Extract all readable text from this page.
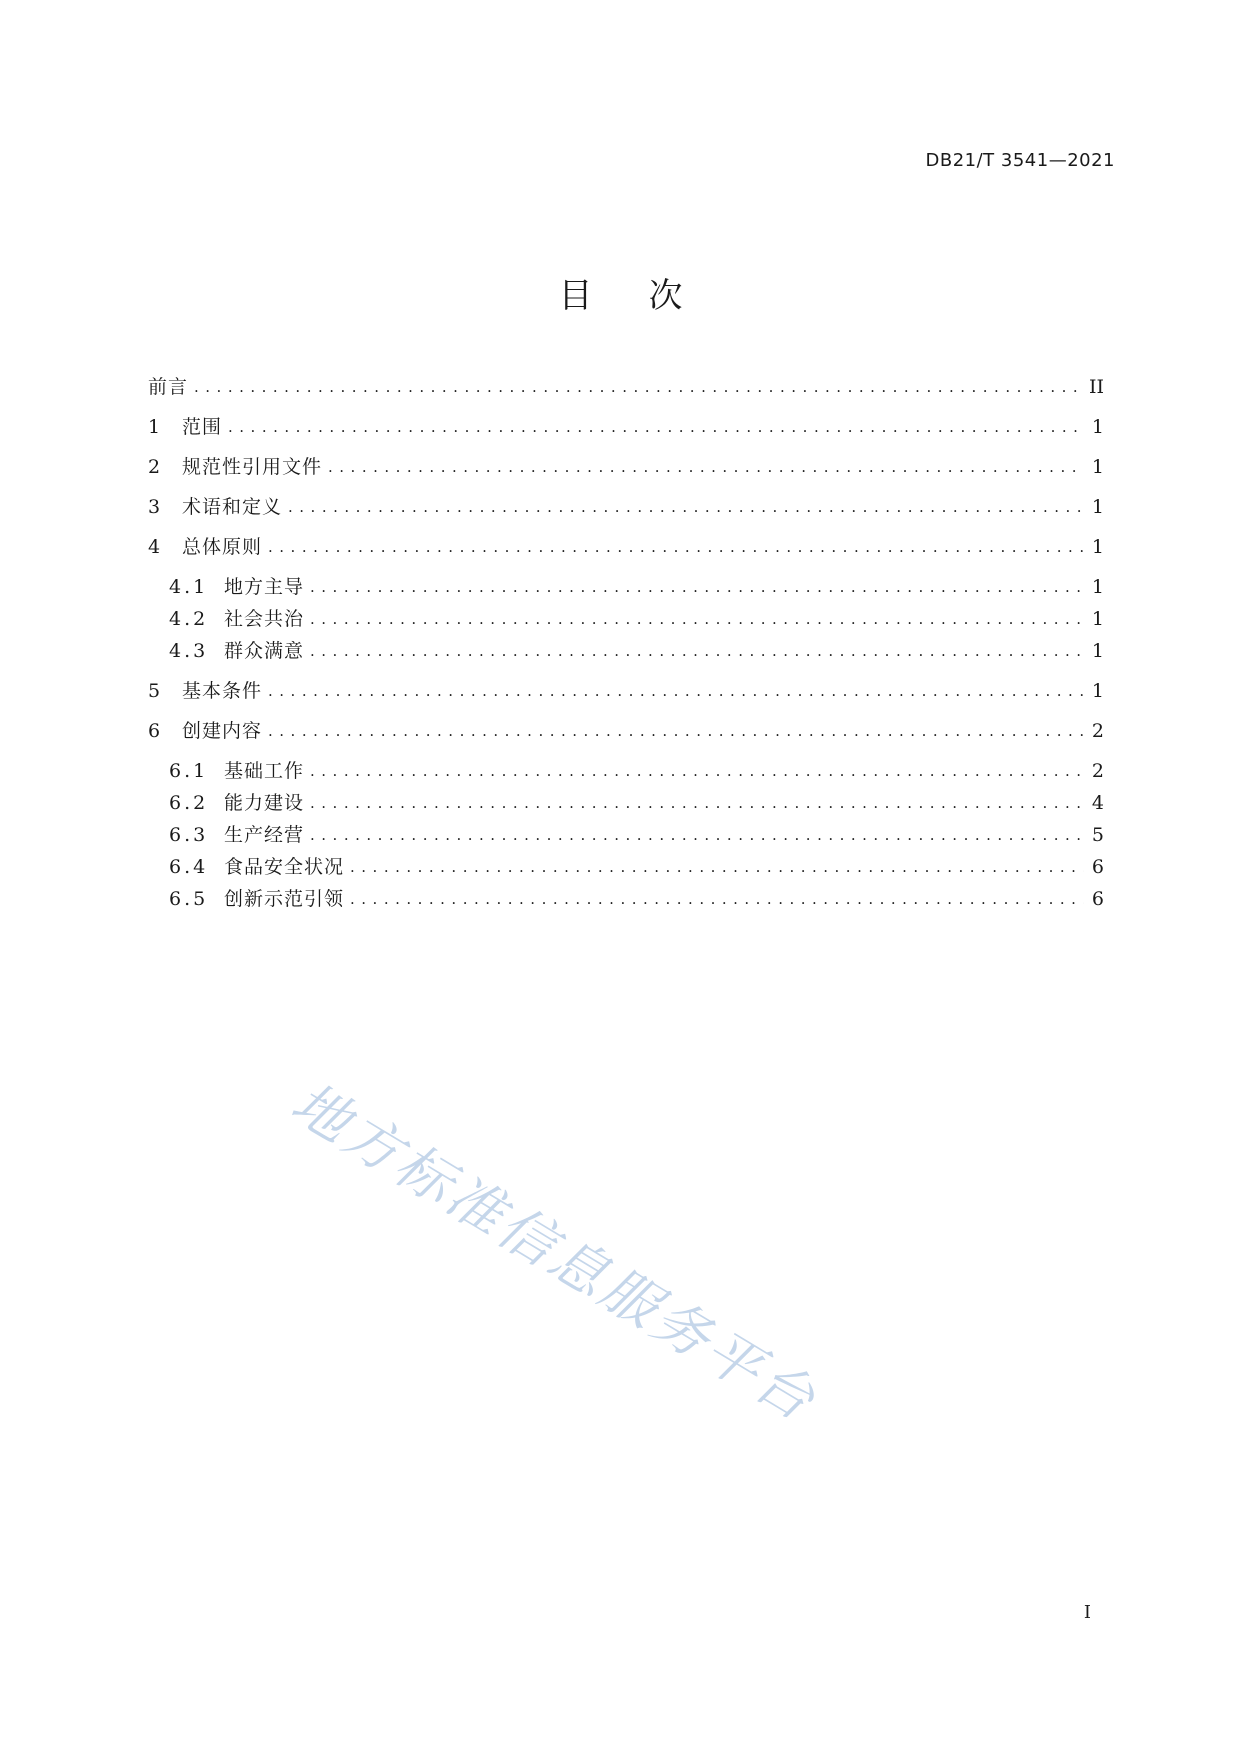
DB21/T 3541—2021
目次
前言 .....	II
1	范围 .....	1
2	规范性引用文件 .....	1
3	术语和定义 .....	1
4	总体原则 .....	1
4.1 地方主导 .....	1
4.2 社会共治 .....	1
4.3 群众满意 .....	1
5	基本条件 .....	1
6	创建内容 .....	2
6.1 基础工作 .....	2
6.2 能力建设 .....	4
6.3 生产经营 .....	5
6.4 食品安全状况 .....	6
6.5 创新示范引领 .....	6
地方标准信息服务平台
I
